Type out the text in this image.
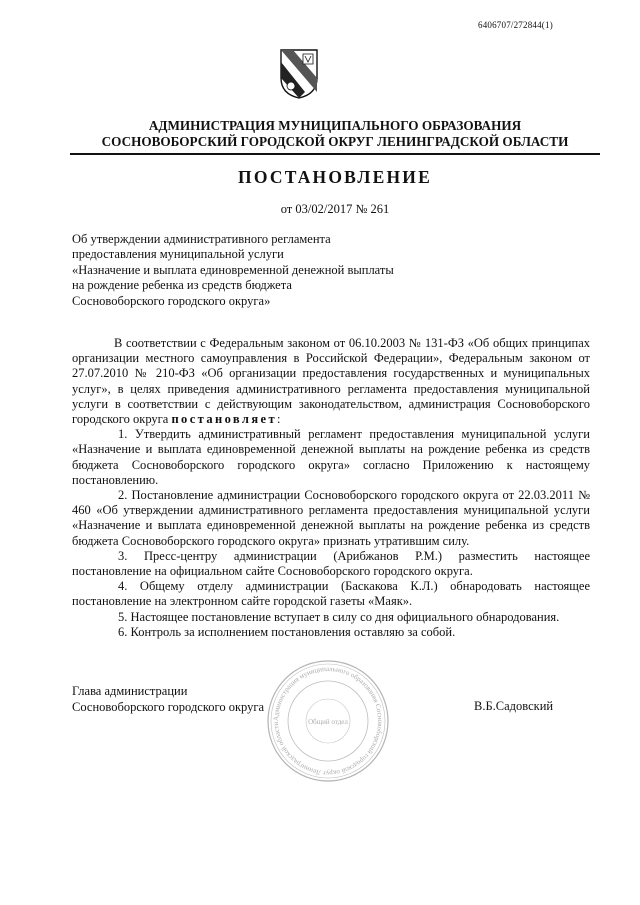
6406707/272844(1)
АДМИНИСТРАЦИЯ МУНИЦИПАЛЬНОГО ОБРАЗОВАНИЯ
СОСНОВОБОРСКИЙ ГОРОДСКОЙ ОКРУГ ЛЕНИНГРАДСКОЙ ОБЛАСТИ
ПОСТАНОВЛЕНИЕ
от 03/02/2017 № 261
Об утверждении административного регламента
предоставления муниципальной услуги
«Назначение и выплата единовременной денежной выплаты
на рождение ребенка из средств бюджета
Сосновоборского городского округа»

В соответствии с Федеральным законом от 06.10.2003 № 131-ФЗ «Об общих принципах организации местного самоуправления в Российской Федерации», Федеральным законом от 27.07.2010 № 210-ФЗ «Об организации предоставления государственных и муниципальных услуг», в целях приведения административного регламента предоставления муниципальной услуги в соответствии с действующим законодательством, администрация Сосновоборского городского округа постановляет:

1. Утвердить административный регламент предоставления муниципальной услуги «Назначение и выплата единовременной денежной выплаты на рождение ребенка из средств бюджета Сосновоборского городского округа» согласно Приложению к настоящему постановлению.

2. Постановление администрации Сосновоборского городского округа от 22.03.2011 № 460 «Об утверждении административного регламента предоставления муниципальной услуги «Назначение и выплата единовременной денежной выплаты на рождение ребенка из средств бюджета Сосновоборского городского округа» признать утратившим силу.

3. Пресс-центру администрации (Арибжанов Р.М.) разместить настоящее постановление на официальном сайте Сосновоборского городского округа.

4. Общему отделу администрации (Баскакова К.Л.) обнародовать настоящее постановление на электронном сайте городской газеты «Маяк».

5. Настоящее постановление вступает в силу со дня официального обнародования.

6. Контроль за исполнением постановления оставляю за собой.

Администрация муниципального образования Сосновоборский городской округ Ленинградской области	Общий отдел
Глава администрации
Сосновоборского городского округа	В.Б.Садовский
